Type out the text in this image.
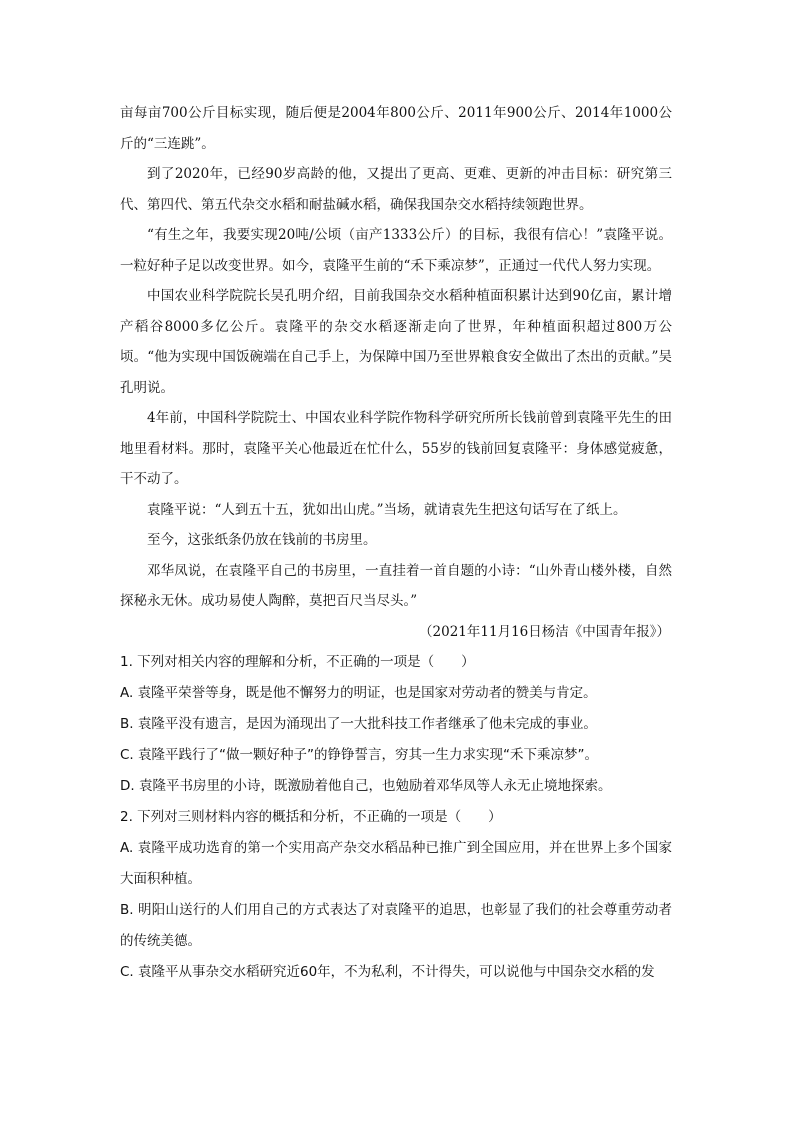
亩每亩700公斤目标实现，随后便是2004年800公斤、2011年900公斤、2014年1000公斤的“三连跳”。

到了2020年，已经90岁高龄的他，又提出了更高、更难、更新的冲击目标：研究第三代、第四代、第五代杂交水稻和耐盐碱水稻，确保我国杂交水稻持续领跑世界。

“有生之年，我要实现20吨/公顷（亩产1333公斤）的目标，我很有信心！”袁隆平说。一粒好种子足以改变世界。如今，袁隆平生前的“禾下乘凉梦”，正通过一代代人努力实现。

中国农业科学院院长吴孔明介绍，目前我国杂交水稻种植面积累计达到90亿亩，累计增产稻谷8000多亿公斤。袁隆平的杂交水稻逐渐走向了世界，年种植面积超过800万公顷。“他为实现中国饭碗端在自己手上，为保障中国乃至世界粮食安全做出了杰出的贡献。”吴孔明说。

4年前，中国科学院院士、中国农业科学院作物科学研究所所长钱前曾到袁隆平先生的田地里看材料。那时，袁隆平关心他最近在忙什么，55岁的钱前回复袁隆平：身体感觉疲惫，干不动了。

袁隆平说：“人到五十五，犹如出山虎。”当场，就请袁先生把这句话写在了纸上。

至今，这张纸条仍放在钱前的书房里。

邓华凤说，在袁隆平自己的书房里，一直挂着一首自题的小诗：“山外青山楼外楼，自然探秘永无休。成功易使人陶醉，莫把百尺当尽头。”

（2021年11月16日杨洁《中国青年报》）

1. 下列对相关内容的理解和分析，不正确的一项是（　　）

A. 袁隆平荣誉等身，既是他不懈努力的明证，也是国家对劳动者的赞美与肯定。

B. 袁隆平没有遗言，是因为涌现出了一大批科技工作者继承了他未完成的事业。

C. 袁隆平践行了“做一颗好种子”的铮铮誓言，穷其一生力求实现“禾下乘凉梦”。

D. 袁隆平书房里的小诗，既激励着他自己，也勉励着邓华凤等人永无止境地探索。

2. 下列对三则材料内容的概括和分析，不正确的一项是（　　）

A. 袁隆平成功选育的第一个实用高产杂交水稻品种已推广到全国应用，并在世界上多个国家大面积种植。

B. 明阳山送行的人们用自己的方式表达了对袁隆平的追思，也彰显了我们的社会尊重劳动者的传统美德。

C. 袁隆平从事杂交水稻研究近60年，不为私利，不计得失，可以说他与中国杂交水稻的发
